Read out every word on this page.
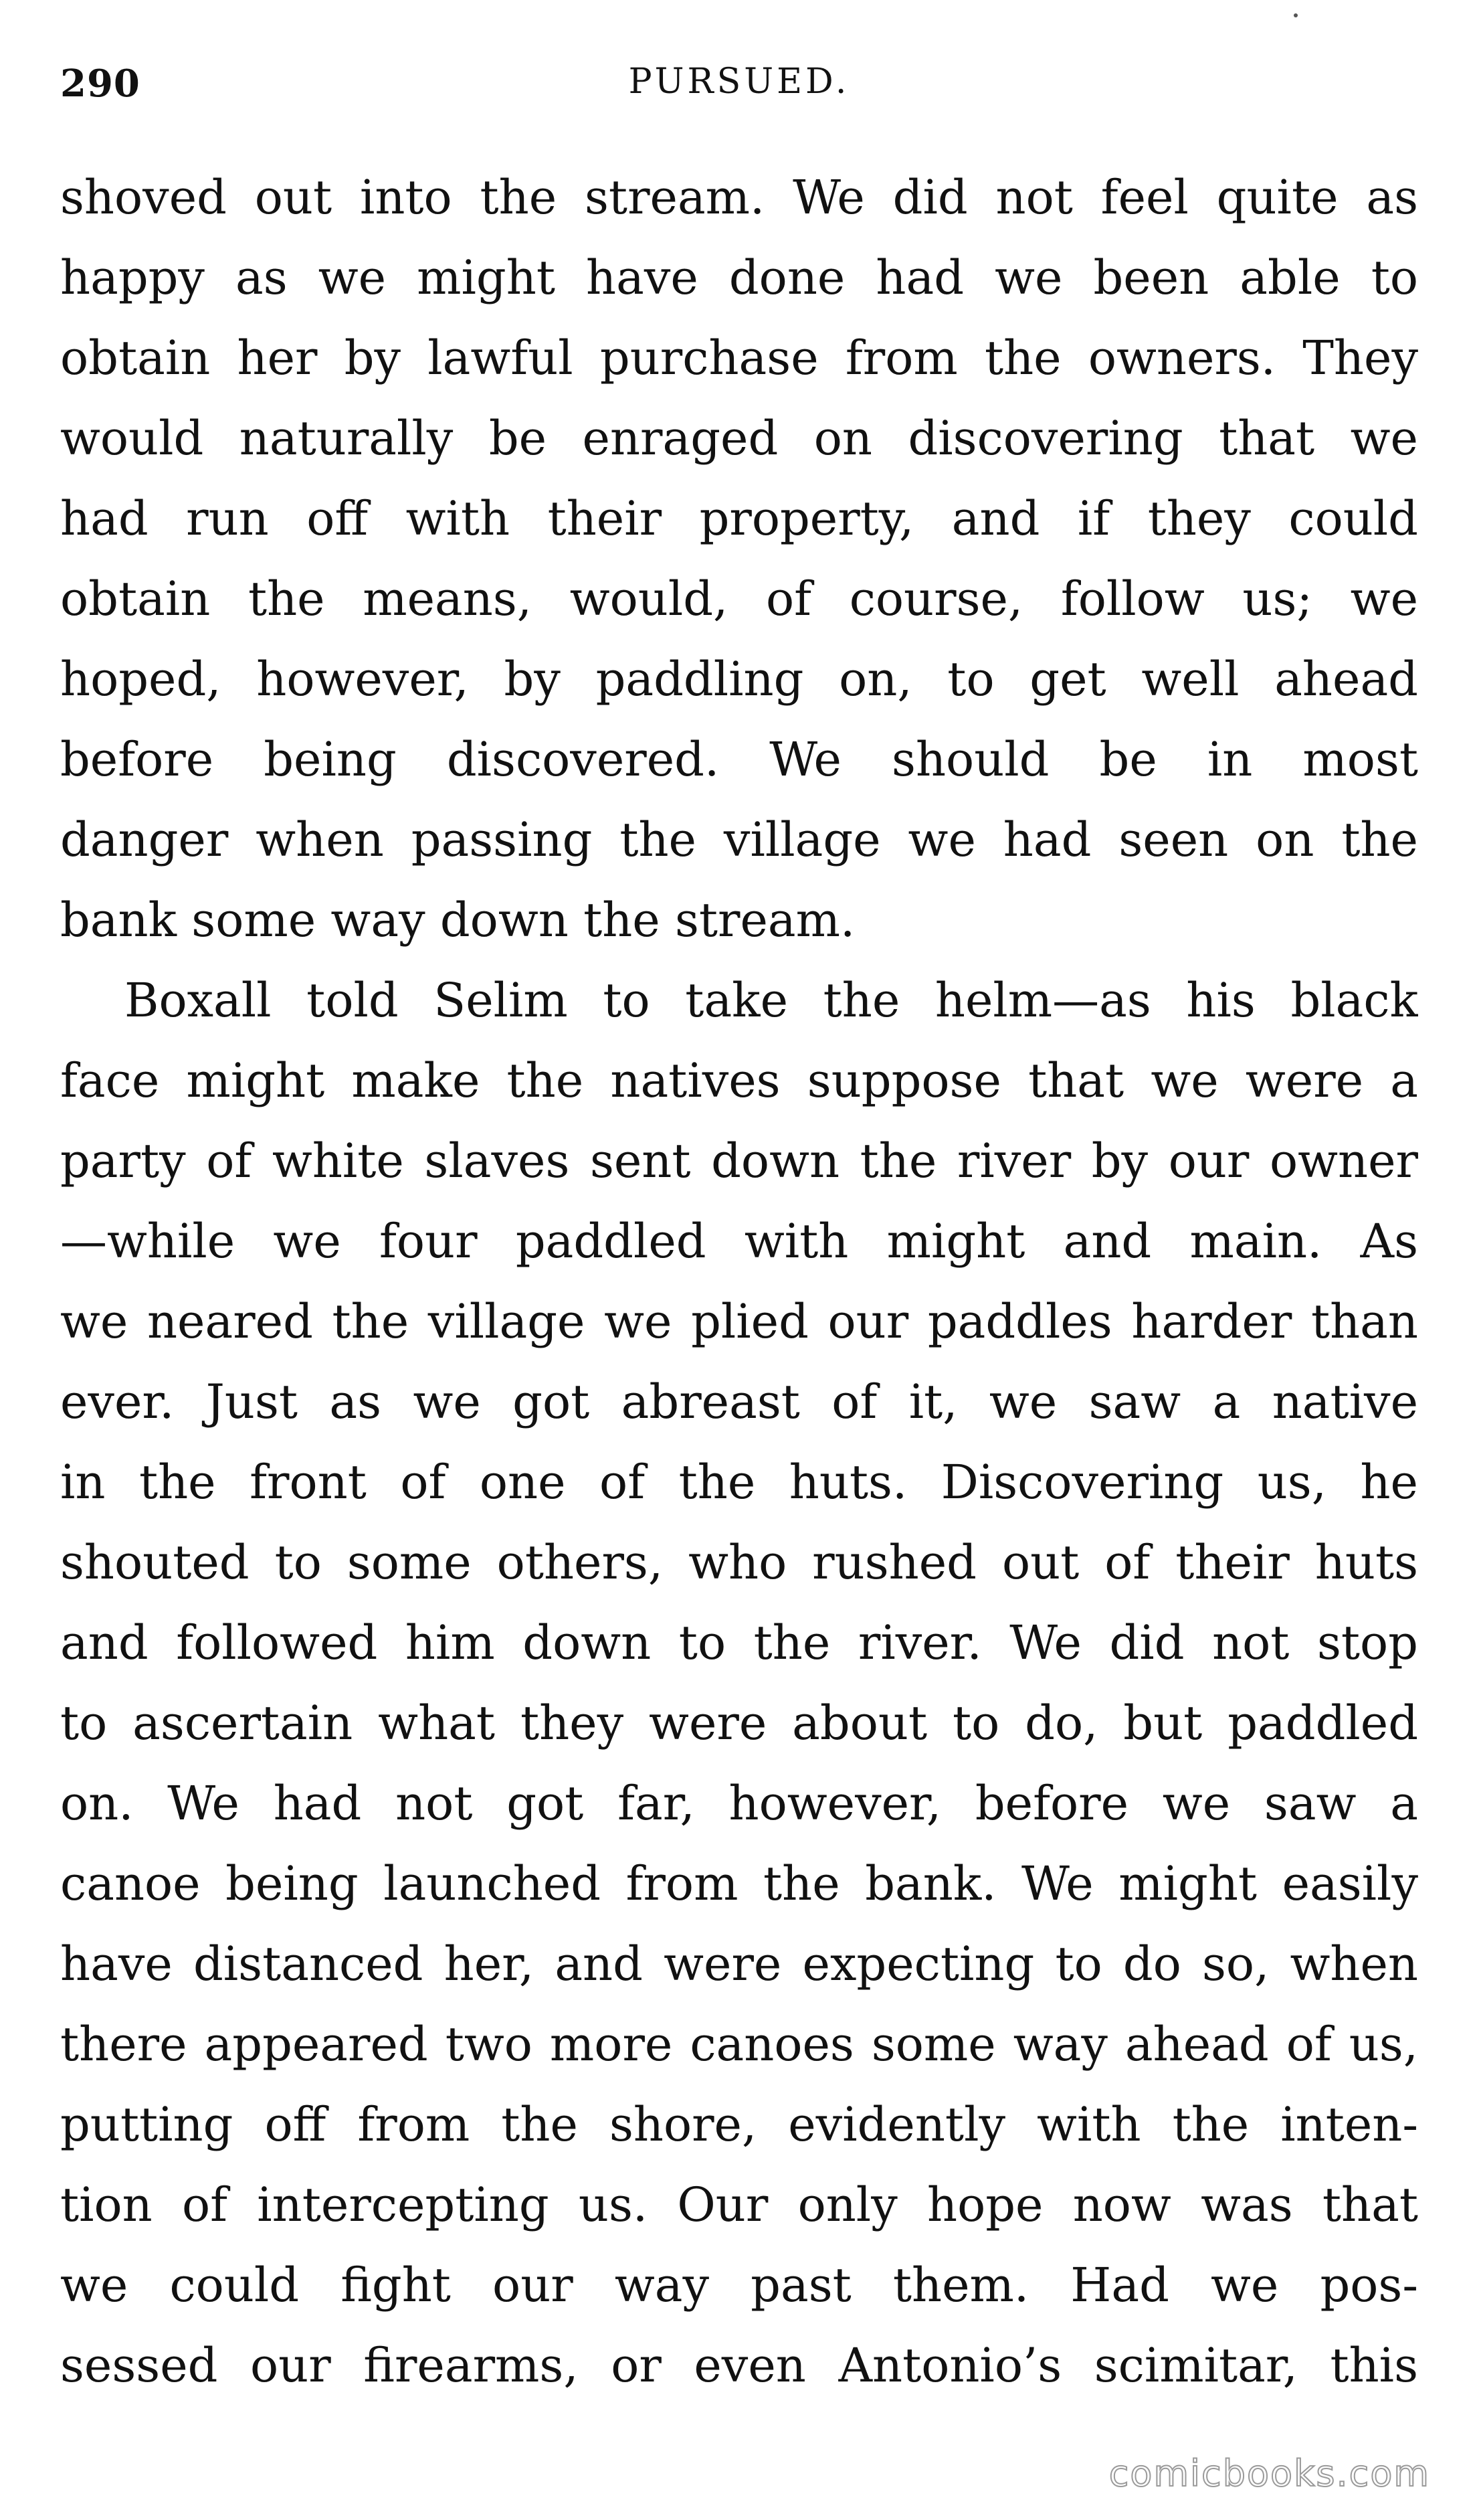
290	PURSUED.
shoved out into the stream. We did not feel quite as
happy as we might have done had we been able to
obtain her by lawful purchase from the owners. They
would naturally be enraged on discovering that we
had run off with their property, and if they could
obtain the means, would, of course, follow us; we
hoped, however, by paddling on, to get well ahead
before being discovered. We should be in most
danger when passing the village we had seen on the
bank some way down the stream.
Boxall told Selim to take the helm—as his black
face might make the natives suppose that we were a
party of white slaves sent down the river by our owner
—while we four paddled with might and main. As
we neared the village we plied our paddles harder than
ever. Just as we got abreast of it, we saw a native
in the front of one of the huts. Discovering us, he
shouted to some others, who rushed out of their huts
and followed him down to the river. We did not stop
to ascertain what they were about to do, but paddled
on. We had not got far, however, before we saw a
canoe being launched from the bank. We might easily
have distanced her, and were expecting to do so, when
there appeared two more canoes some way ahead of us,
putting off from the shore, evidently with the inten-
tion of intercepting us. Our only hope now was that
we could fight our way past them. Had we pos-
sessed our firearms, or even Antonio’s scimitar, this
comicbooks.com
